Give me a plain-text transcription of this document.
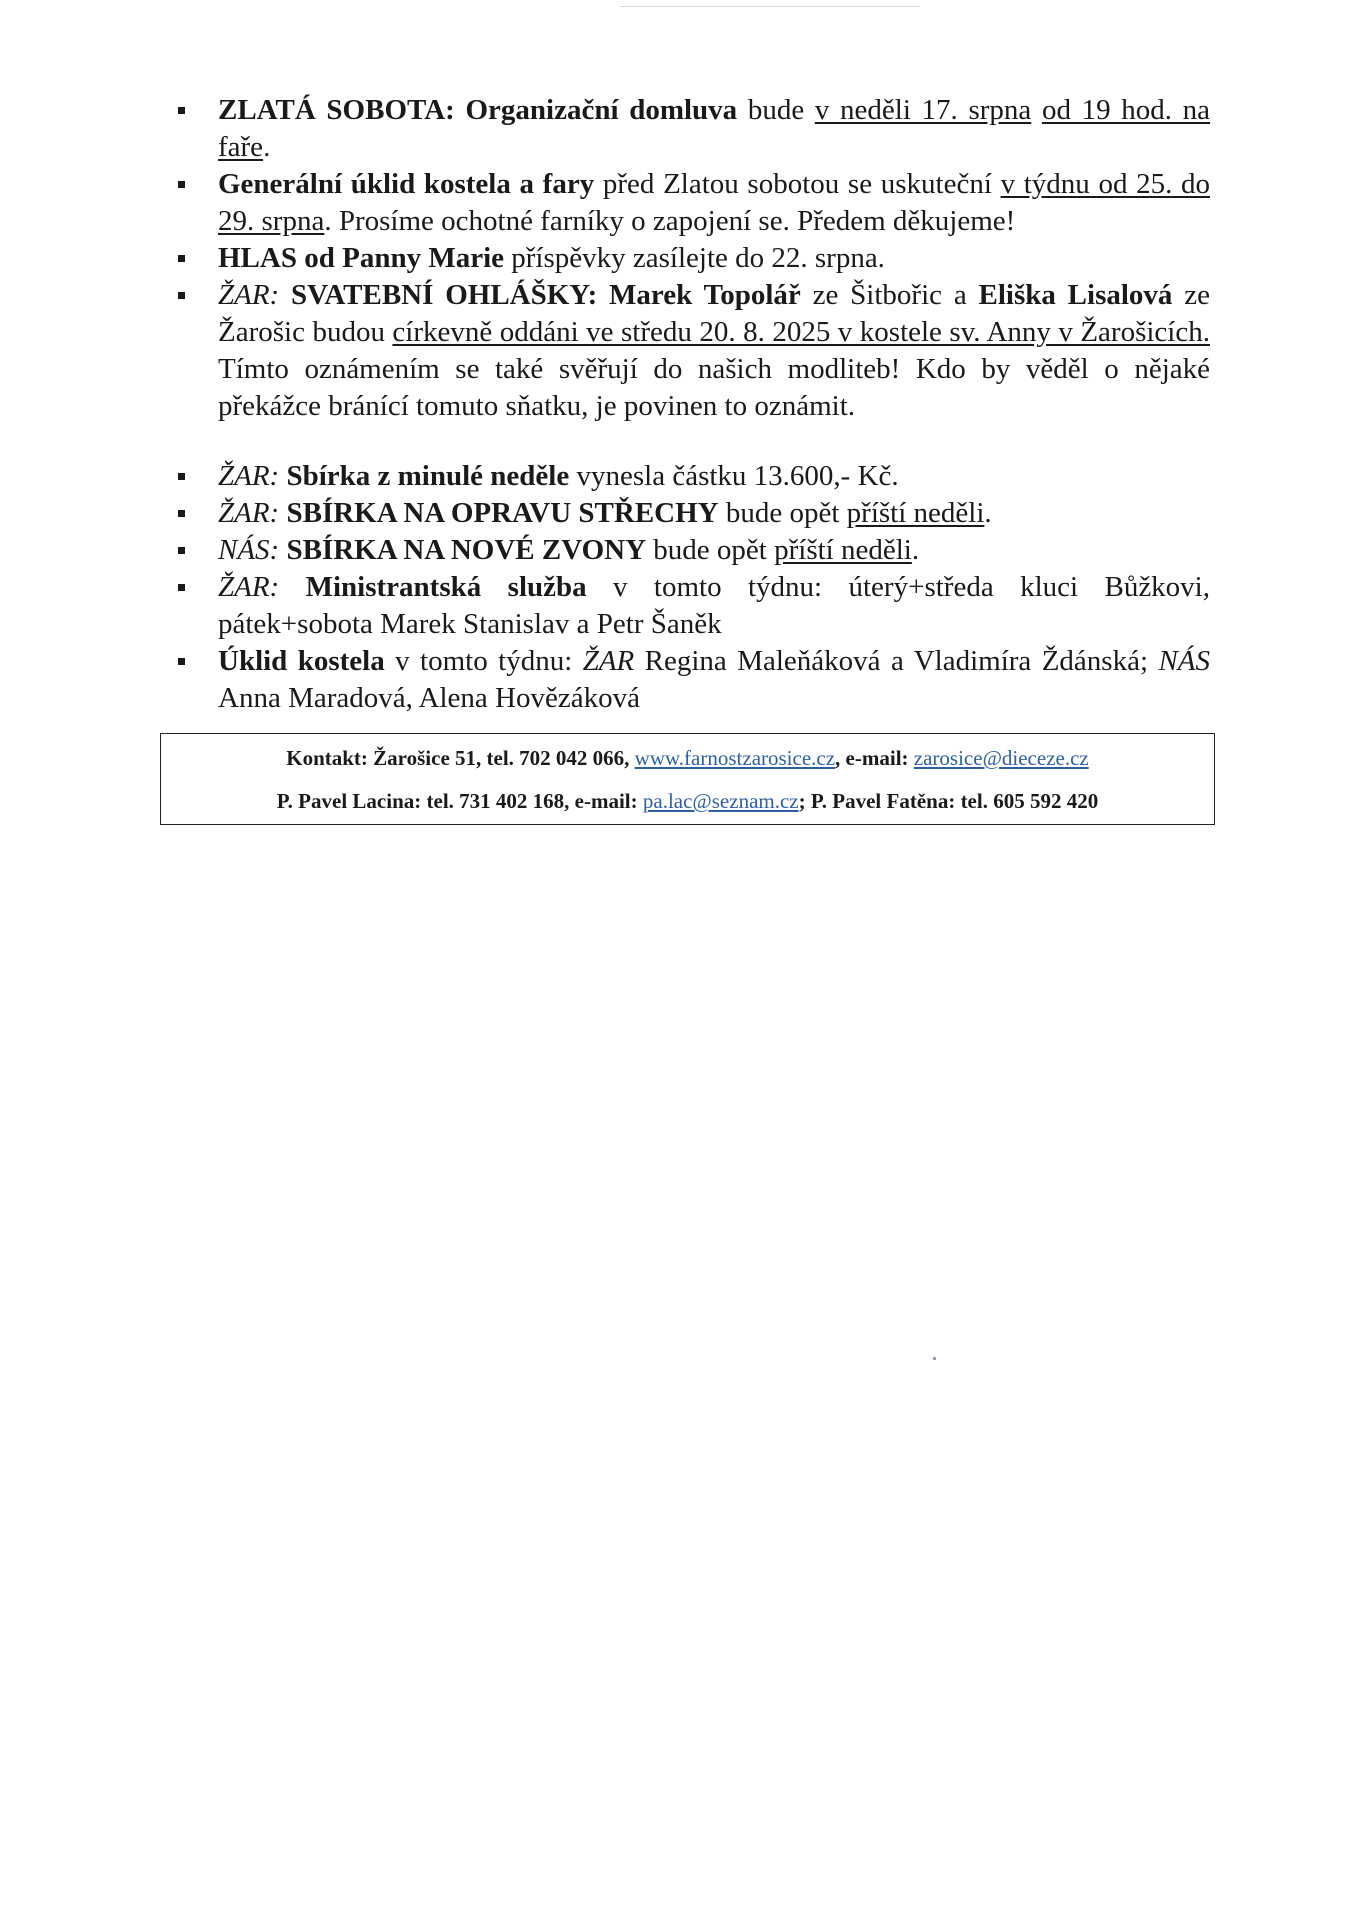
ZLATÁ SOBOTA: Organizační domluva bude v neděli 17. srpna od 19 hod. na faře.
Generální úklid kostela a fary před Zlatou sobotou se uskuteční v týdnu od 25. do 29. srpna. Prosíme ochotné farníky o zapojení se. Předem děkujeme!
HLAS od Panny Marie příspěvky zasílejte do 22. srpna.
ŽAR: SVATEBNÍ OHLÁŠKY: Marek Topolář ze Šitbořic a Eliška Lisalová ze Žarošic budou církevně oddáni ve středu 20. 8. 2025 v kostele sv. Anny v Žarošicích. Tímto oznámením se také svěřují do našich modliteb! Kdo by věděl o nějaké překážce bránící tomuto sňatku, je povinen to oznámit.
ŽAR: Sbírka z minulé neděle vynesla částku 13.600,- Kč.
ŽAR: SBÍRKA NA OPRAVU STŘECHY bude opět příští neděli.
NÁS: SBÍRKA NA NOVÉ ZVONY bude opět příští neděli.
ŽAR: Ministrantská služba v tomto týdnu: úterý+středa kluci Bůžkovi, pátek+sobota Marek Stanislav a Petr Šaněk
Úklid kostela v tomto týdnu: ŽAR Regina Maleňáková a Vladimíra Ždánská; NÁS Anna Maradová, Alena Hovězáková
Kontakt: Žarošice 51, tel. 702 042 066, www.farnostzarosice.cz, e-mail: zarosice@dieceze.cz
P. Pavel Lacina: tel. 731 402 168, e-mail: pa.lac@seznam.cz; P. Pavel Fatěna: tel. 605 592 420
